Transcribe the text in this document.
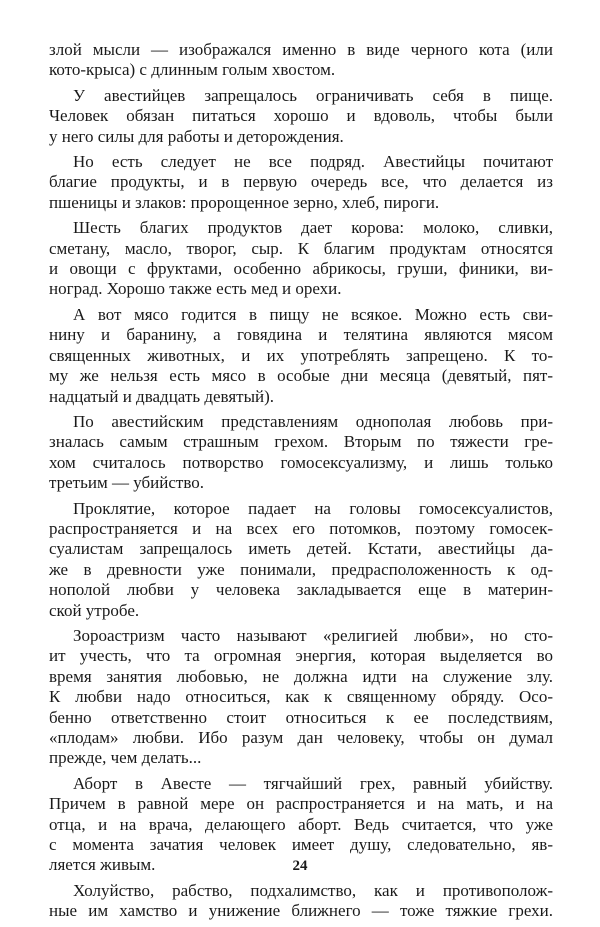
злой мысли — изображался именно в виде черного кота (или
кото-крыса) с длинным голым хвостом.
У авестийцев запрещалось ограничивать себя в пище.
Человек обязан питаться хорошо и вдоволь, чтобы были
у него силы для работы и деторождения.
Но есть следует не все подряд. Авестийцы почитают
благие продукты, и в первую очередь все, что делается из
пшеницы и злаков: пророщенное зерно, хлеб, пироги.
Шесть благих продуктов дает корова: молоко, сливки,
сметану, масло, творог, сыр. К благим продуктам относятся
и овощи с фруктами, особенно абрикосы, груши, финики, ви-
ноград. Хорошо также есть мед и орехи.
А вот мясо годится в пищу не всякое. Можно есть сви-
нину и баранину, а говядина и телятина являются мясом
священных животных, и их употреблять запрещено. К то-
му же нельзя есть мясо в особые дни месяца (девятый, пят-
надцатый и двадцать девятый).
По авестийским представлениям однополая любовь при-
зналась самым страшным грехом. Вторым по тяжести гре-
хом считалось потворство гомосексуализму, и лишь только
третьим — убийство.
Проклятие, которое падает на головы гомосексуалистов,
распространяется и на всех его потомков, поэтому гомосек-
суалистам запрещалось иметь детей. Кстати, авестийцы да-
же в древности уже понимали, предрасположенность к од-
нополой любви у человека закладывается еще в материн-
ской утробе.
Зороастризм часто называют «религией любви», но сто-
ит учесть, что та огромная энергия, которая выделяется во
время занятия любовью, не должна идти на служение злу.
К любви надо относиться, как к священному обряду. Осо-
бенно ответственно стоит относиться к ее последствиям,
«плодам» любви. Ибо разум дан человеку, чтобы он думал
прежде, чем делать...
Аборт в Авесте — тягчайший грех, равный убийству.
Причем в равной мере он распространяется и на мать, и на
отца, и на врача, делающего аборт. Ведь считается, что уже
с момента зачатия человек имеет душу, следовательно, яв-
ляется живым.
Холуйство, рабство, подхалимство, как и противополож-
ные им хамство и унижение ближнего — тоже тяжкие грехи.
24
